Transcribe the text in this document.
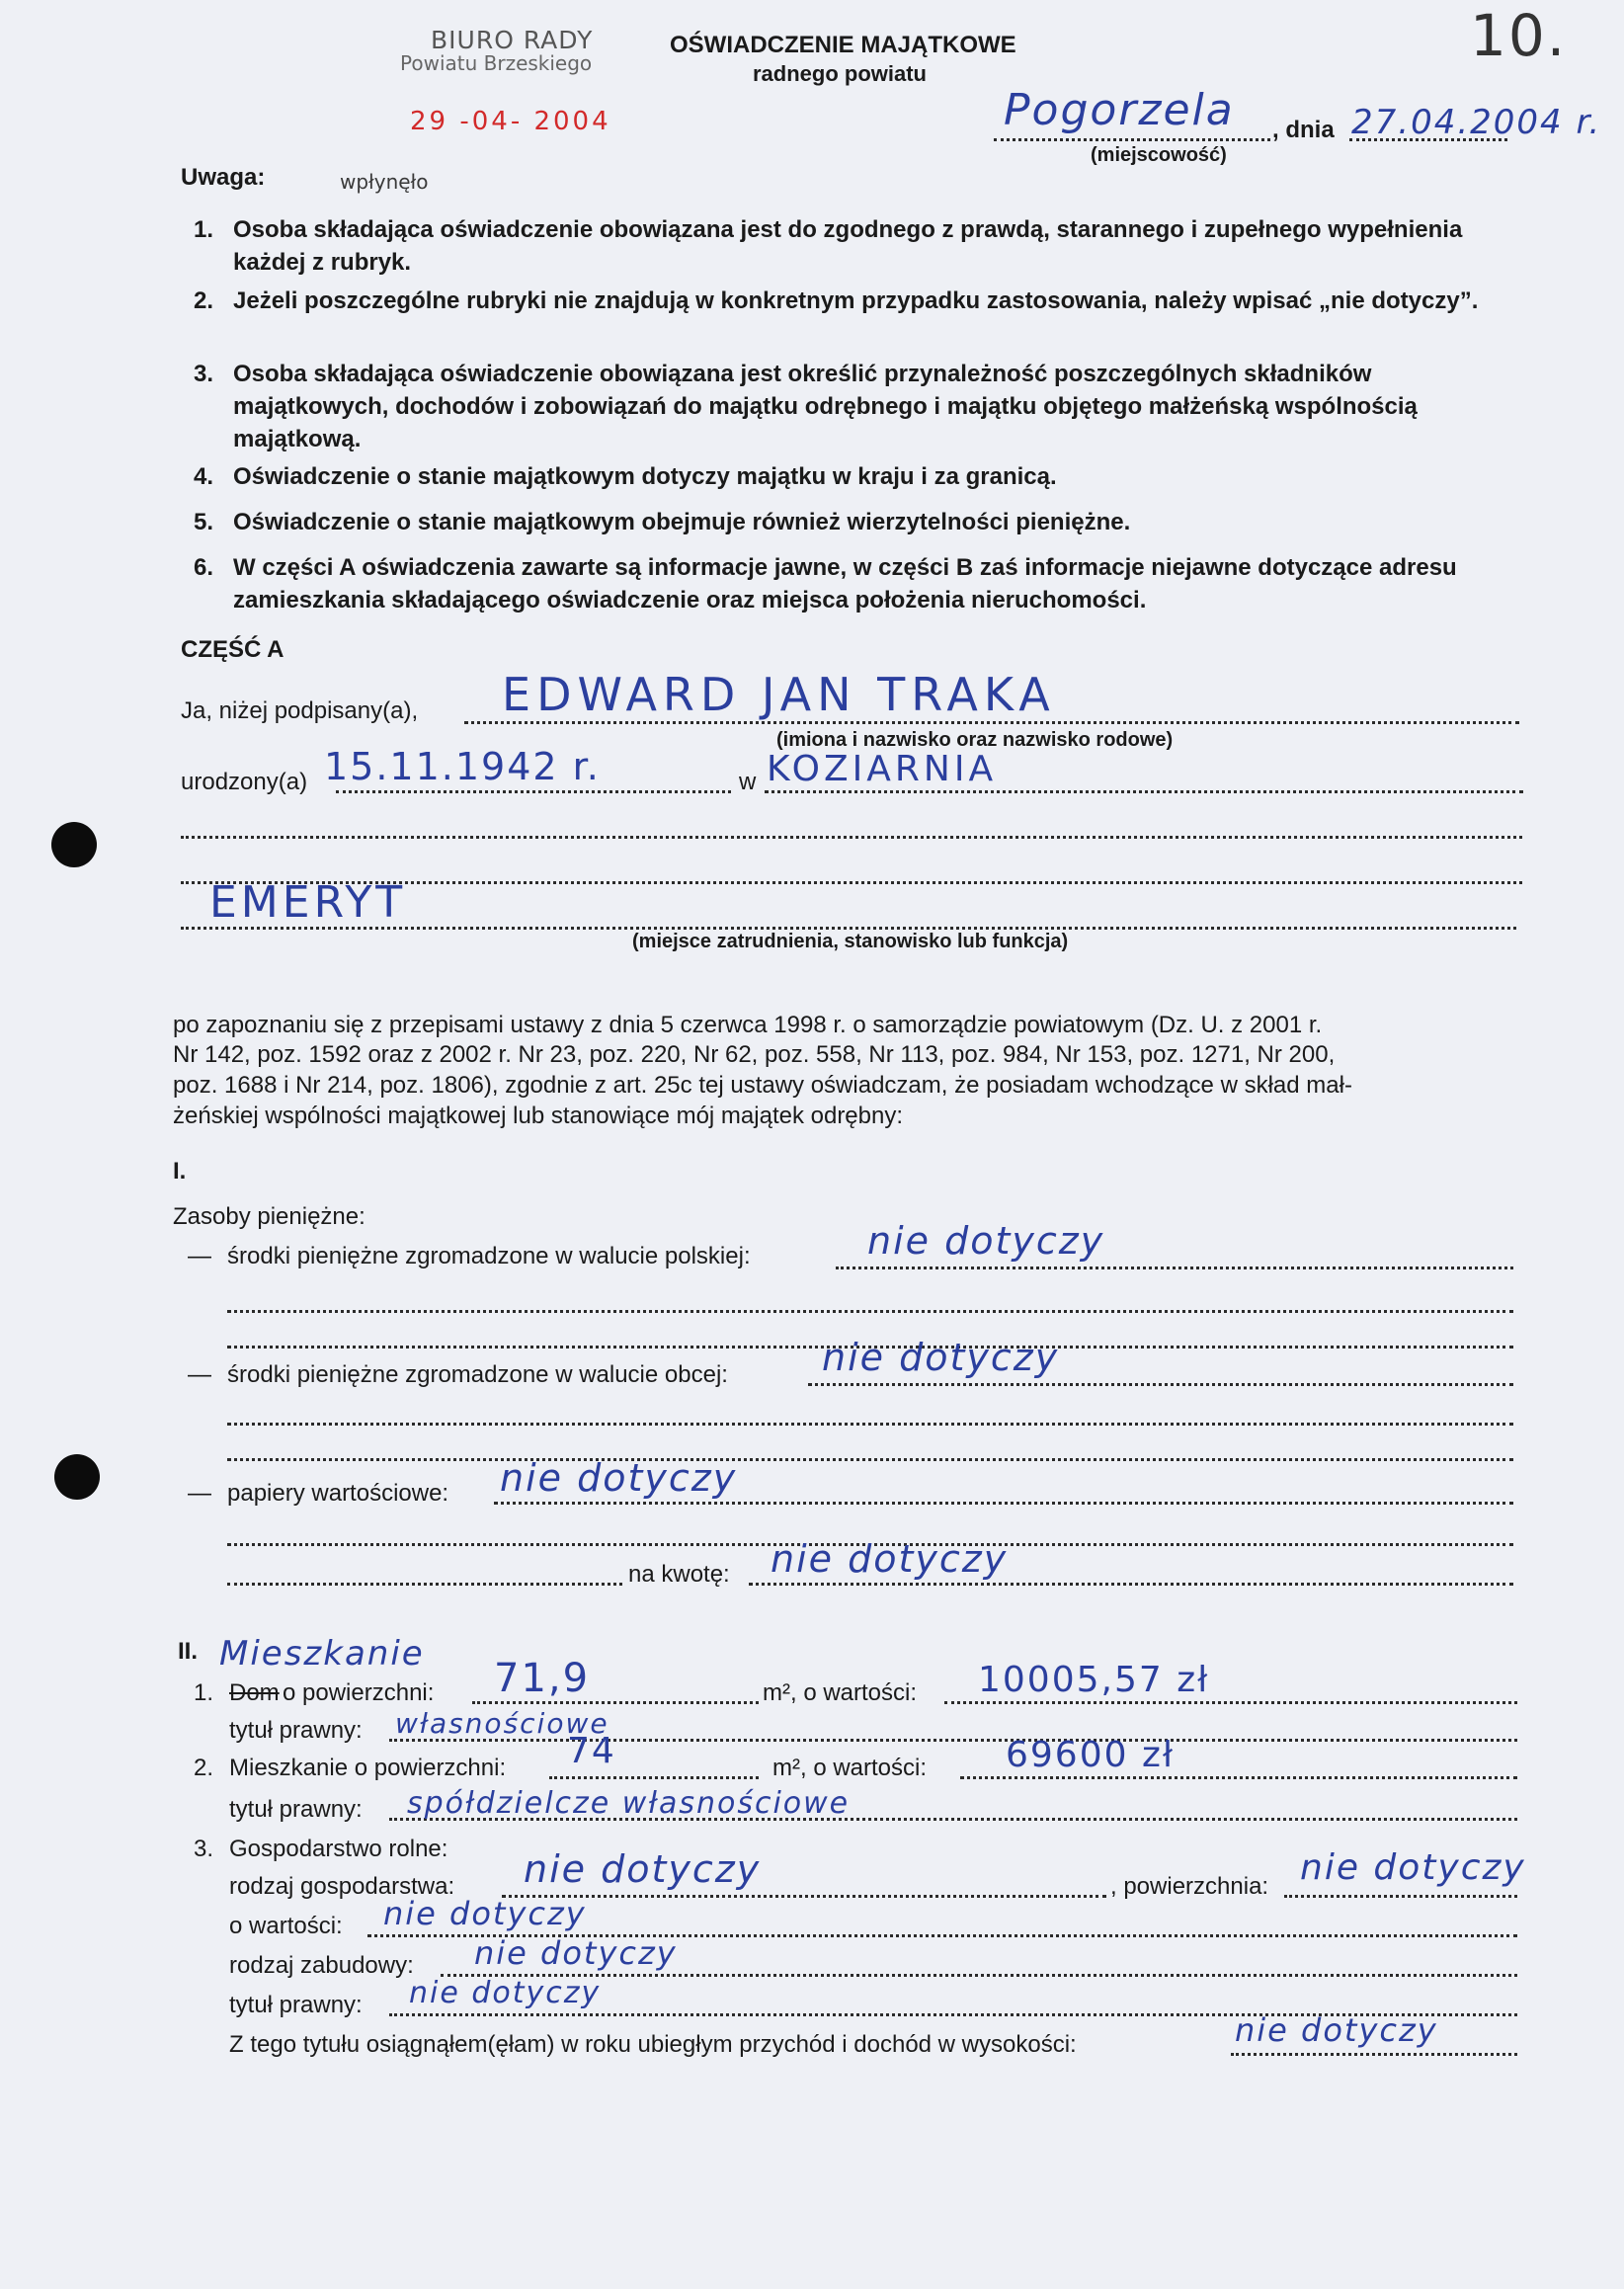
BIURO RADY
Powiatu Brzeskiego
29 -04- 2004
wpłynęło
10.
OŚWIADCZENIE MAJĄTKOWE
radnego powiatu
Pogorzela , dnia 27.04.2004 r.
(miejscowość)
Uwaga:
1. Osoba składająca oświadczenie obowiązana jest do zgodnego z prawdą, starannego i zupełnego wypełnienia każdej z rubryk.
2. Jeżeli poszczególne rubryki nie znajdują w konkretnym przypadku zastosowania, należy wpisać „nie dotyczy”.
3. Osoba składająca oświadczenie obowiązana jest określić przynależność poszczególnych składników majątkowych, dochodów i zobowiązań do majątku odrębnego i majątku objętego małżeńską wspólnością majątkową.
4. Oświadczenie o stanie majątkowym dotyczy majątku w kraju i za granicą.
5. Oświadczenie o stanie majątkowym obejmuje również wierzytelności pieniężne.
6. W części A oświadczenia zawarte są informacje jawne, w części B zaś informacje niejawne dotyczące adresu zamieszkania składającego oświadczenie oraz miejsca położenia nieruchomości.
CZĘŚĆ A
Ja, niżej podpisany(a), EDWARD JAN TRAKA
(imiona i nazwisko oraz nazwisko rodowe)
urodzony(a) 15.11.1942 r.	w KOZIARNIA
EMERYT
(miejsce zatrudnienia, stanowisko lub funkcja)
po zapoznaniu się z przepisami ustawy z dnia 5 czerwca 1998 r. o samorządzie powiatowym (Dz. U. z 2001 r.
Nr 142, poz. 1592 oraz z 2002 r. Nr 23, poz. 220, Nr 62, poz. 558, Nr 113, poz. 984, Nr 153, poz. 1271, Nr 200,
poz. 1688 i Nr 214, poz. 1806), zgodnie z art. 25c tej ustawy oświadczam, że posiadam wchodzące w skład mał-
żeńskiej wspólności majątkowej lub stanowiące mój majątek odrębny:
I.
Zasoby pieniężne:
— środki pieniężne zgromadzone w walucie polskiej:	nie dotyczy
— środki pieniężne zgromadzone w walucie obcej:	nie dotyczy
— papiery wartościowe: nie dotyczy
na kwotę: nie dotyczy
II. Mieszkanie
1. Dom o powierzchni: 71,9	m², o wartości: 10005,57 zł
tytuł prawny: własnościowe
2. Mieszkanie o powierzchni: 74	m², o wartości: 69600 zł
tytuł prawny: spółdzielcze własnościowe
3. Gospodarstwo rolne:
rodzaj gospodarstwa: nie dotyczy	, powierzchnia: nie dotyczy
o wartości: nie dotyczy
rodzaj zabudowy: nie dotyczy
tytuł prawny: nie dotyczy
Z tego tytułu osiągnąłem(ęłam) w roku ubiegłym przychód i dochód w wysokości:	nie dotyczy
